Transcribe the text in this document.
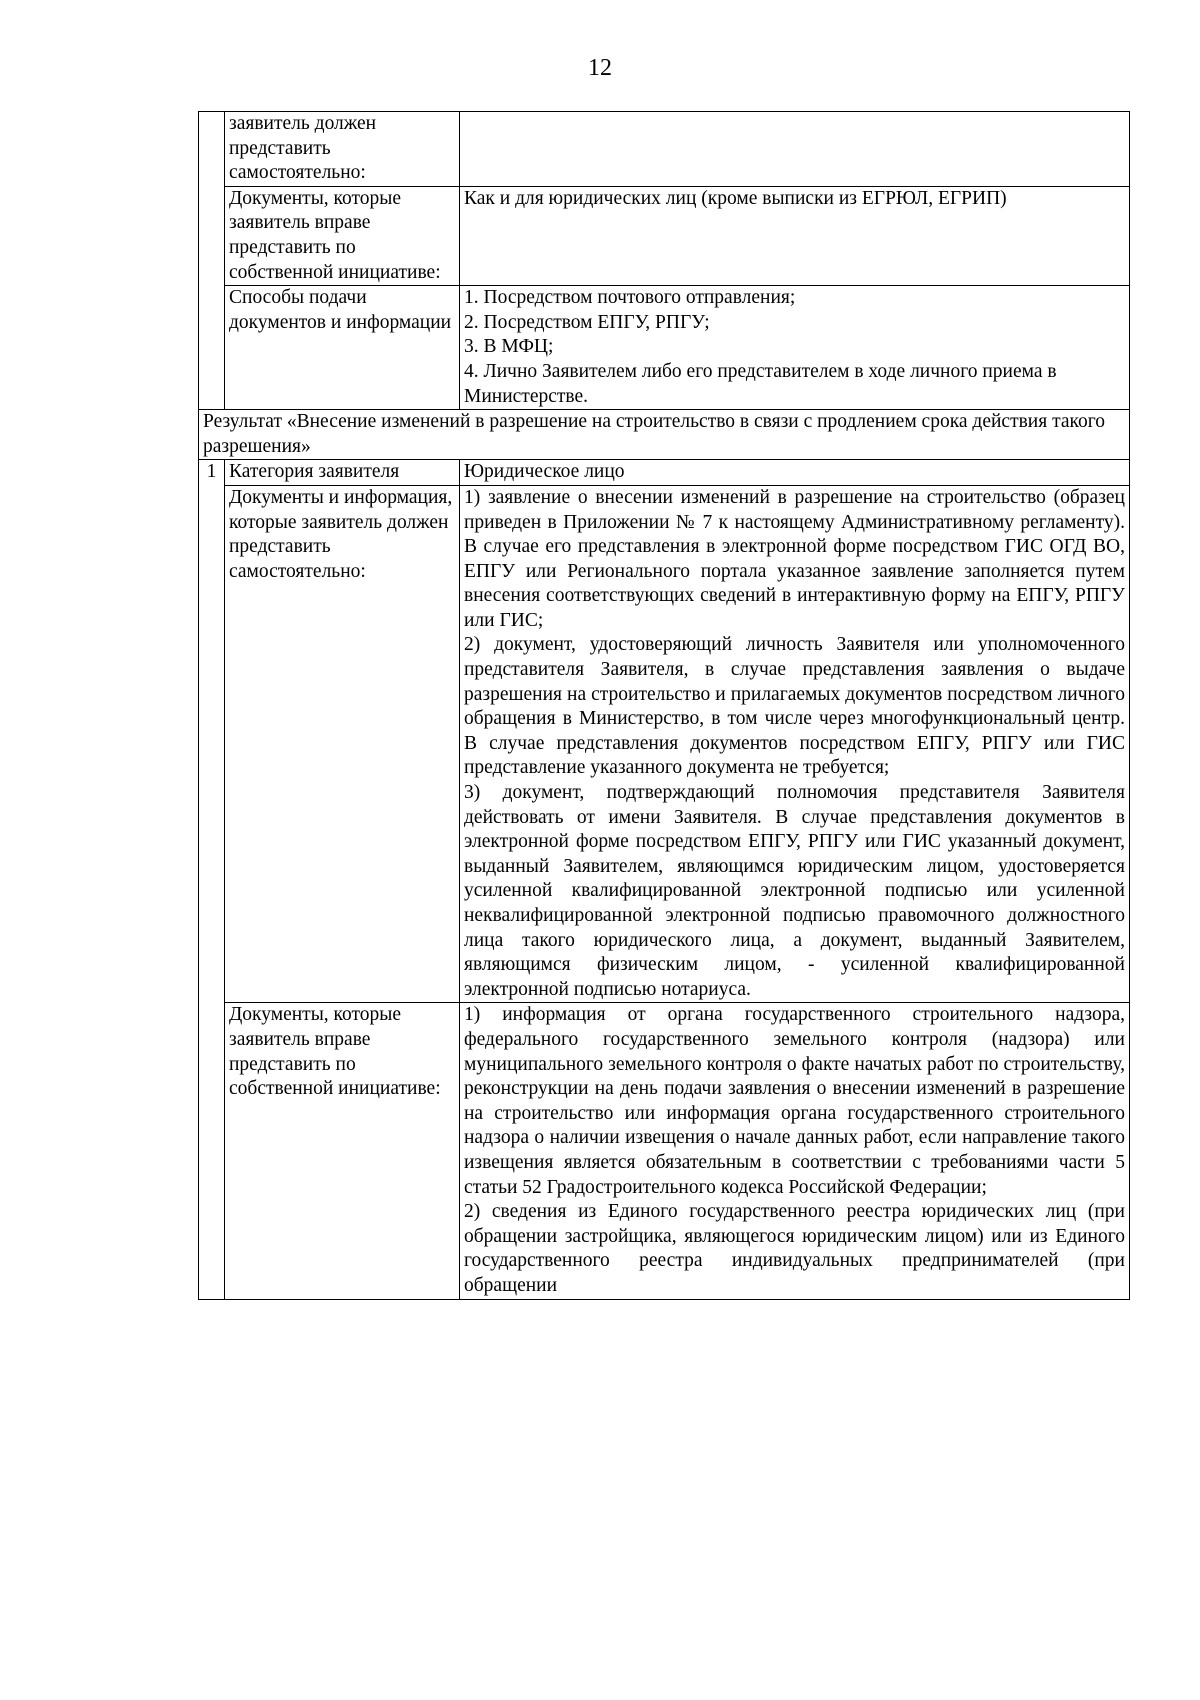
12

	заявитель должен представить самостоятельно:	

	Документы, которые заявитель вправе представить по собственной инициативе:	Как и для юридических лиц (кроме выписки из ЕГРЮЛ, ЕГРИП)

	Способы подачи документов и информации	1. Посредством почтового отправления;

2. Посредством ЕПГУ, РПГУ;

3. В МФЦ;

4. Лично Заявителем либо его представителем в ходе личного приема в Министерстве.

Результат «Внесение изменений в разрешение на строительство в связи с продлением срока действия такого разрешения»		

1	Категория заявителя	Юридическое лицо

	Документы и информация, которые заявитель должен представить самостоятельно:	1) заявление о внесении изменений в разрешение на строительство (образец приведен в Приложении № 7 к настоящему Административному регламенту). В случае его представления в электронной форме посредством ГИС ОГД ВО, ЕПГУ или Регионального портала указанное заявление заполняется путем внесения соответствующих сведений в интерактивную форму на ЕПГУ, РПГУ или ГИС;

2) документ, удостоверяющий личность Заявителя или уполномоченного представителя Заявителя, в случае представления заявления о выдаче разрешения на строительство и прилагаемых документов посредством личного обращения в Министерство, в том числе через многофункциональный центр. В случае представления документов посредством ЕПГУ, РПГУ или ГИС представление указанного документа не требуется;

3) документ, подтверждающий полномочия представителя Заявителя действовать от имени Заявителя. В случае представления документов в электронной форме посредством ЕПГУ, РПГУ или ГИС указанный документ, выданный Заявителем, являющимся юридическим лицом, удостоверяется усиленной квалифицированной электронной подписью или усиленной неквалифицированной электронной подписью правомочного должностного лица такого юридического лица, а документ, выданный Заявителем, являющимся физическим лицом, - усиленной квалифицированной электронной подписью нотариуса.

	Документы, которые заявитель вправе представить по собственной инициативе:	1) информация от органа государственного строительного надзора, федерального государственного земельного контроля (надзора) или муниципального земельного контроля о факте начатых работ по строительству, реконструкции на день подачи заявления о внесении изменений в разрешение на строительство или информация органа государственного строительного надзора о наличии извещения о начале данных работ, если направление такого извещения является обязательным в соответствии с требованиями части 5 статьи 52 Градостроительного кодекса Российской Федерации;

2) сведения из Единого государственного реестра юридических лиц (при обращении застройщика, являющегося юридическим лицом) или из Единого государственного реестра индивидуальных предпринимателей (при обращении
